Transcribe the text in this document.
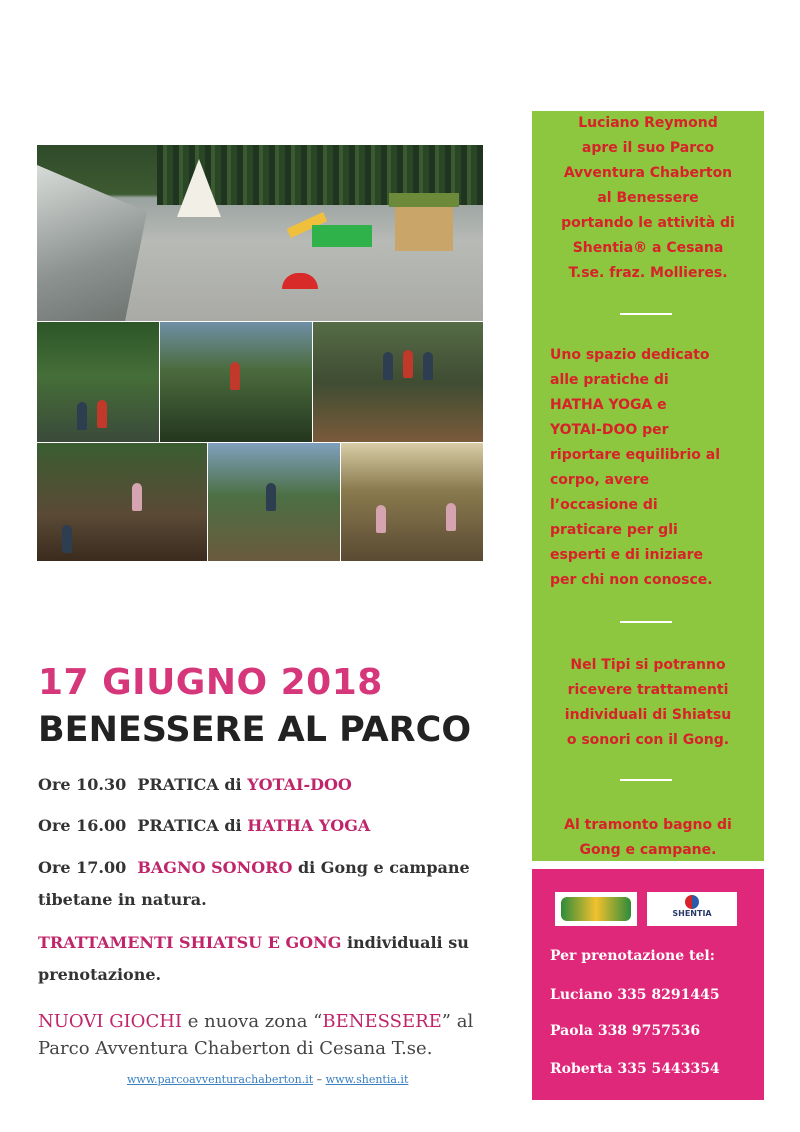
17 GIUGNO 2018
BENESSERE AL PARCO
Ore 10.30 PRATICA di YOTAI-DOO
Ore 16.00 PRATICA di HATHA YOGA
Ore 17.00 BAGNO SONORO di Gong e campane
tibetane in natura.
TRATTAMENTI SHIATSU E GONG individuali su
prenotazione.
NUOVI GIOCHI e nuova zona “BENESSERE” al
Parco Avventura Chaberton di Cesana T.se.
www.parcoavventurachaberton.it – www.shentia.it
Luciano Reymond
apre il suo Parco
Avventura Chaberton
al Benessere
portando le attività di
Shentia® a Cesana
T.se. fraz. Mollieres.
Uno spazio dedicato
alle pratiche di
HATHA YOGA e
YOTAI-DOO per
riportare equilibrio al
corpo, avere
l’occasione di
praticare per gli
esperti e di iniziare
per chi non conosce.
Nel Tipi si potranno
ricevere trattamenti
individuali di Shiatsu
o sonori con il Gong.
Al tramonto bagno di
Gong e campane.
SHENTIA
Per prenotazione tel:
Luciano 335 8291445
Paola 338 9757536
Roberta 335 5443354
